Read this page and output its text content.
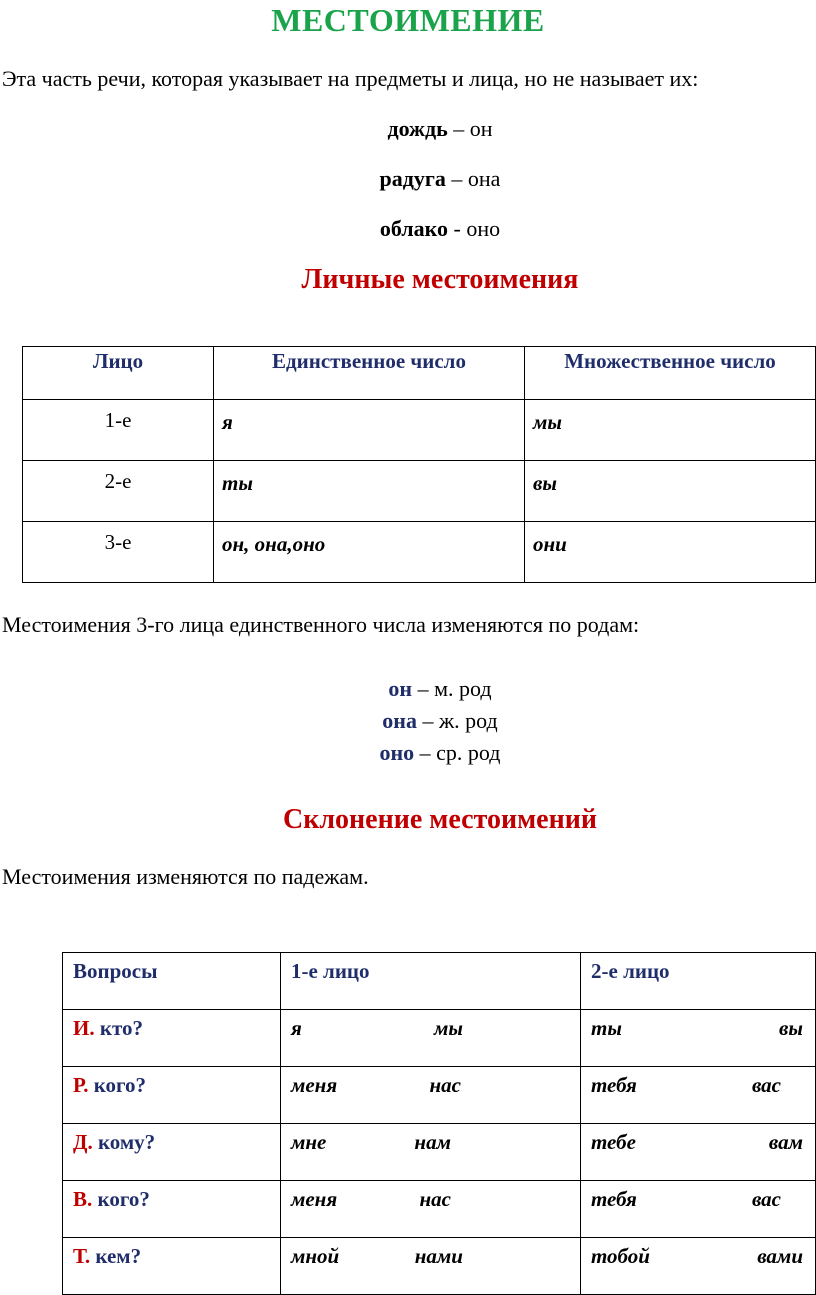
МЕСТОИМЕНИЕ
Эта часть речи, которая указывает на предметы и лица, но не называет их:
дождь – он
радуга – она
облако - оно
Личные местоимения
Лицо	Единственное число	Множественное число
1-е	я	мы
2-е	ты	вы
3-е	он, она,оно	они
Местоимения 3-го лица единственного числа изменяются по родам:
он – м. род
она – ж. род
оно – ср. род
Склонение местоимений
Местоимения изменяются по падежам.
Вопросы	1-е лицо	2-е лицо
И. кто?	я мы	ты вы

Р. кого?	меня нас	тебя вас

Д. кому?	мне нам	тебе вам

В. кого?	меня нас	тебя вас

Т. кем?	мной нами	тобой вами
